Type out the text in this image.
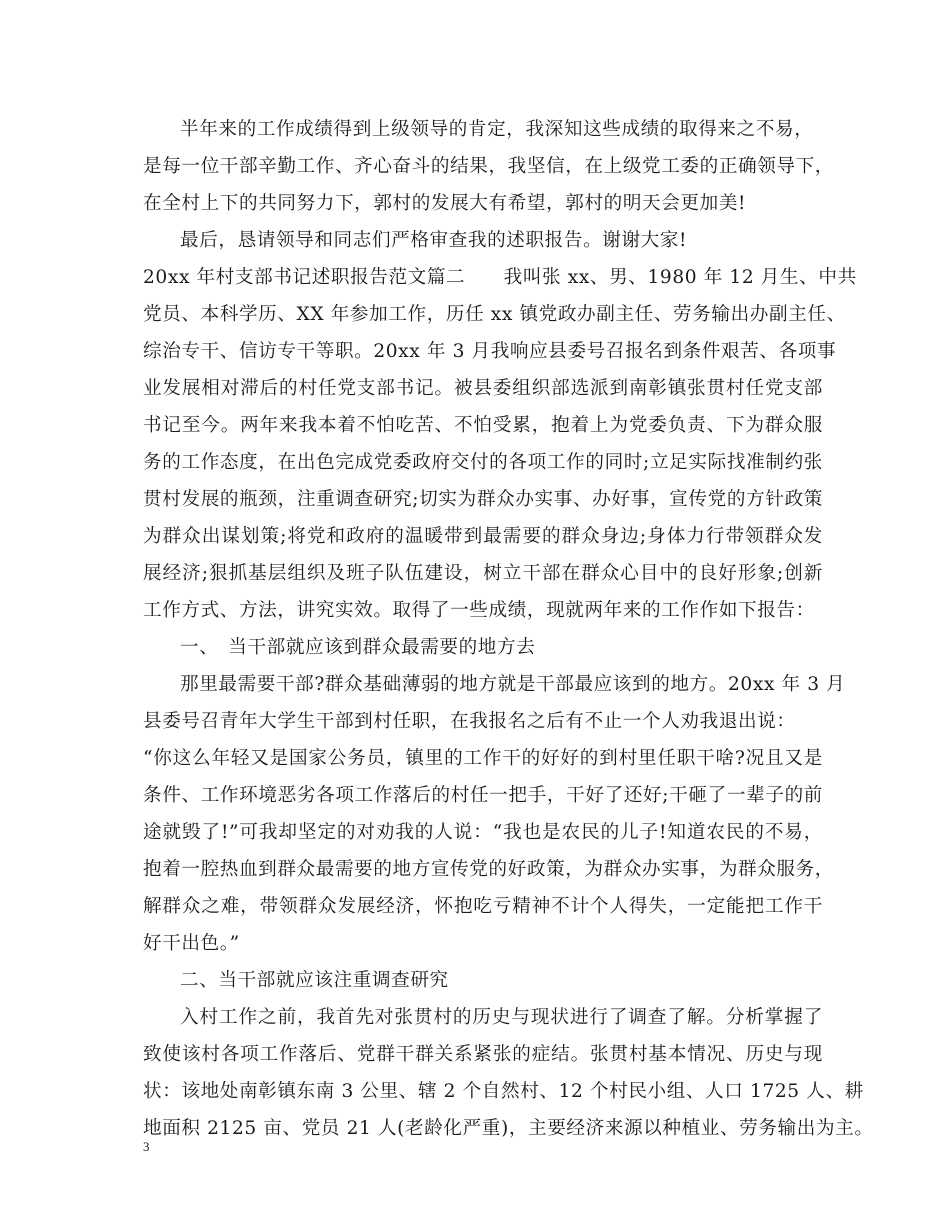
半年来的工作成绩得到上级领导的肯定，我深知这些成绩的取得来之不易，
是每一位干部辛勤工作、齐心奋斗的结果，我坚信，在上级党工委的正确领导下，
在全村上下的共同努力下，郭村的发展大有希望，郭村的明天会更加美!
最后，恳请领导和同志们严格审查我的述职报告。谢谢大家!
20xx 年村支部书记述职报告范文篇二　　我叫张 xx、男、1980 年 12 月生、中共
党员、本科学历、XX 年参加工作，历任 xx 镇党政办副主任、劳务输出办副主任、
综治专干、信访专干等职。20xx 年 3 月我响应县委号召报名到条件艰苦、各项事
业发展相对滞后的村任党支部书记。被县委组织部选派到南彰镇张贯村任党支部
书记至今。两年来我本着不怕吃苦、不怕受累，抱着上为党委负责、下为群众服
务的工作态度，在出色完成党委政府交付的各项工作的同时;立足实际找准制约张
贯村发展的瓶颈，注重调查研究;切实为群众办实事、办好事，宣传党的方针政策
为群众出谋划策;将党和政府的温暖带到最需要的群众身边;身体力行带领群众发
展经济;狠抓基层组织及班子队伍建设，树立干部在群众心目中的良好形象;创新
工作方式、方法，讲究实效。取得了一些成绩，现就两年来的工作作如下报告：
一、　当干部就应该到群众最需要的地方去
那里最需要干部?群众基础薄弱的地方就是干部最应该到的地方。20xx 年 3 月
县委号召青年大学生干部到村任职，在我报名之后有不止一个人劝我退出说：
“你这么年轻又是国家公务员，镇里的工作干的好好的到村里任职干啥?况且又是
条件、工作环境恶劣各项工作落后的村任一把手，干好了还好;干砸了一辈子的前
途就毁了!”可我却坚定的对劝我的人说：“我也是农民的儿子!知道农民的不易，
抱着一腔热血到群众最需要的地方宣传党的好政策，为群众办实事，为群众服务，
解群众之难，带领群众发展经济，怀抱吃亏精神不计个人得失，一定能把工作干
好干出色。”
二、当干部就应该注重调查研究
入村工作之前，我首先对张贯村的历史与现状进行了调查了解。分析掌握了
致使该村各项工作落后、党群干群关系紧张的症结。张贯村基本情况、历史与现
状：该地处南彰镇东南 3 公里、辖 2 个自然村、12 个村民小组、人口 1725 人、耕
地面积 2125 亩、党员 21 人(老龄化严重)，主要经济来源以种植业、劳务输出为主。
3
